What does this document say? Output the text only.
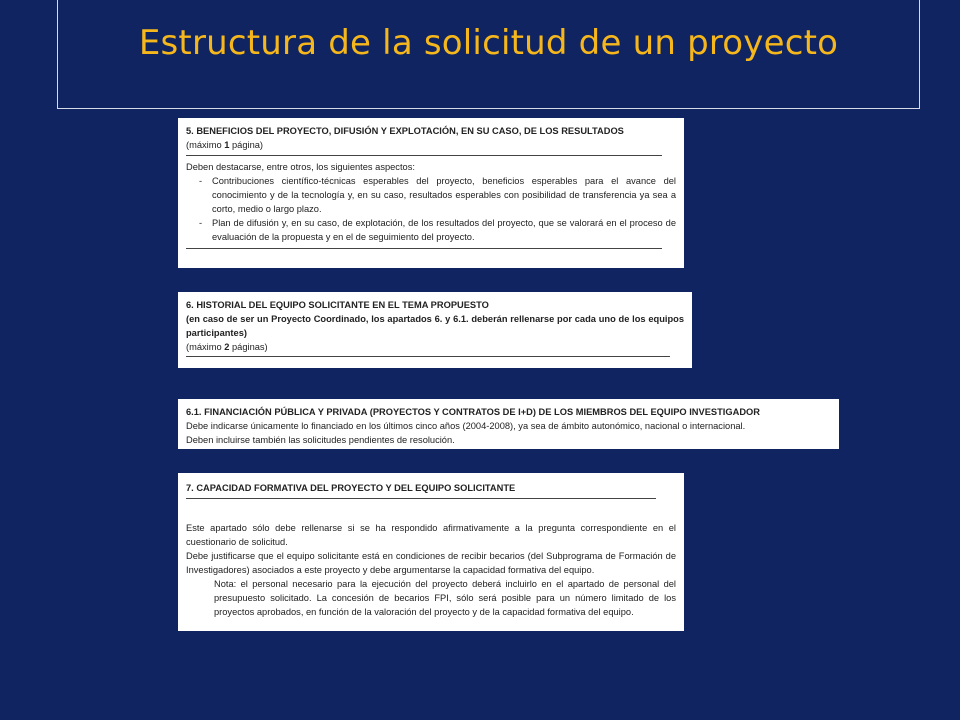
Estructura de la solicitud de un proyecto
5. BENEFICIOS DEL PROYECTO, DIFUSIÓN Y EXPLOTACIÓN, EN SU CASO, DE LOS RESULTADOS
(máximo 1 página)

Deben destacarse, entre otros, los siguientes aspectos:

- Contribuciones científico-técnicas esperables del proyecto, beneficios esperables para el avance del conocimiento y de la tecnología y, en su caso, resultados esperables con posibilidad de transferencia ya sea a corto, medio o largo plazo.

- Plan de difusión y, en su caso, de explotación, de los resultados del proyecto, que se valorará en el proceso de evaluación de la propuesta y en el de seguimiento del proyecto.

6. HISTORIAL DEL EQUIPO SOLICITANTE EN EL TEMA PROPUESTO
(en caso de ser un Proyecto Coordinado, los apartados 6. y 6.1. deberán rellenarse por cada uno de los equipos participantes)
(máximo 2 páginas)
6.1. FINANCIACIÓN PÚBLICA Y PRIVADA (PROYECTOS Y CONTRATOS DE I+D) DE LOS MIEMBROS DEL EQUIPO INVESTIGADOR

Debe indicarse únicamente lo financiado en los últimos cinco años (2004-2008), ya sea de ámbito autonómico, nacional o internacional.

Deben incluirse también las solicitudes pendientes de resolución.

7. CAPACIDAD FORMATIVA DEL PROYECTO Y DEL EQUIPO SOLICITANTE

Este apartado sólo debe rellenarse si se ha respondido afirmativamente a la pregunta correspondiente en el cuestionario de solicitud.

Debe justificarse que el equipo solicitante está en condiciones de recibir becarios (del Subprograma de Formación de Investigadores) asociados a este proyecto y debe argumentarse la capacidad formativa del equipo.

Nota: el personal necesario para la ejecución del proyecto deberá incluirlo en el apartado de personal del presupuesto solicitado. La concesión de becarios FPI, sólo será posible para un número limitado de los proyectos aprobados, en función de la valoración del proyecto y de la capacidad formativa del equipo.
